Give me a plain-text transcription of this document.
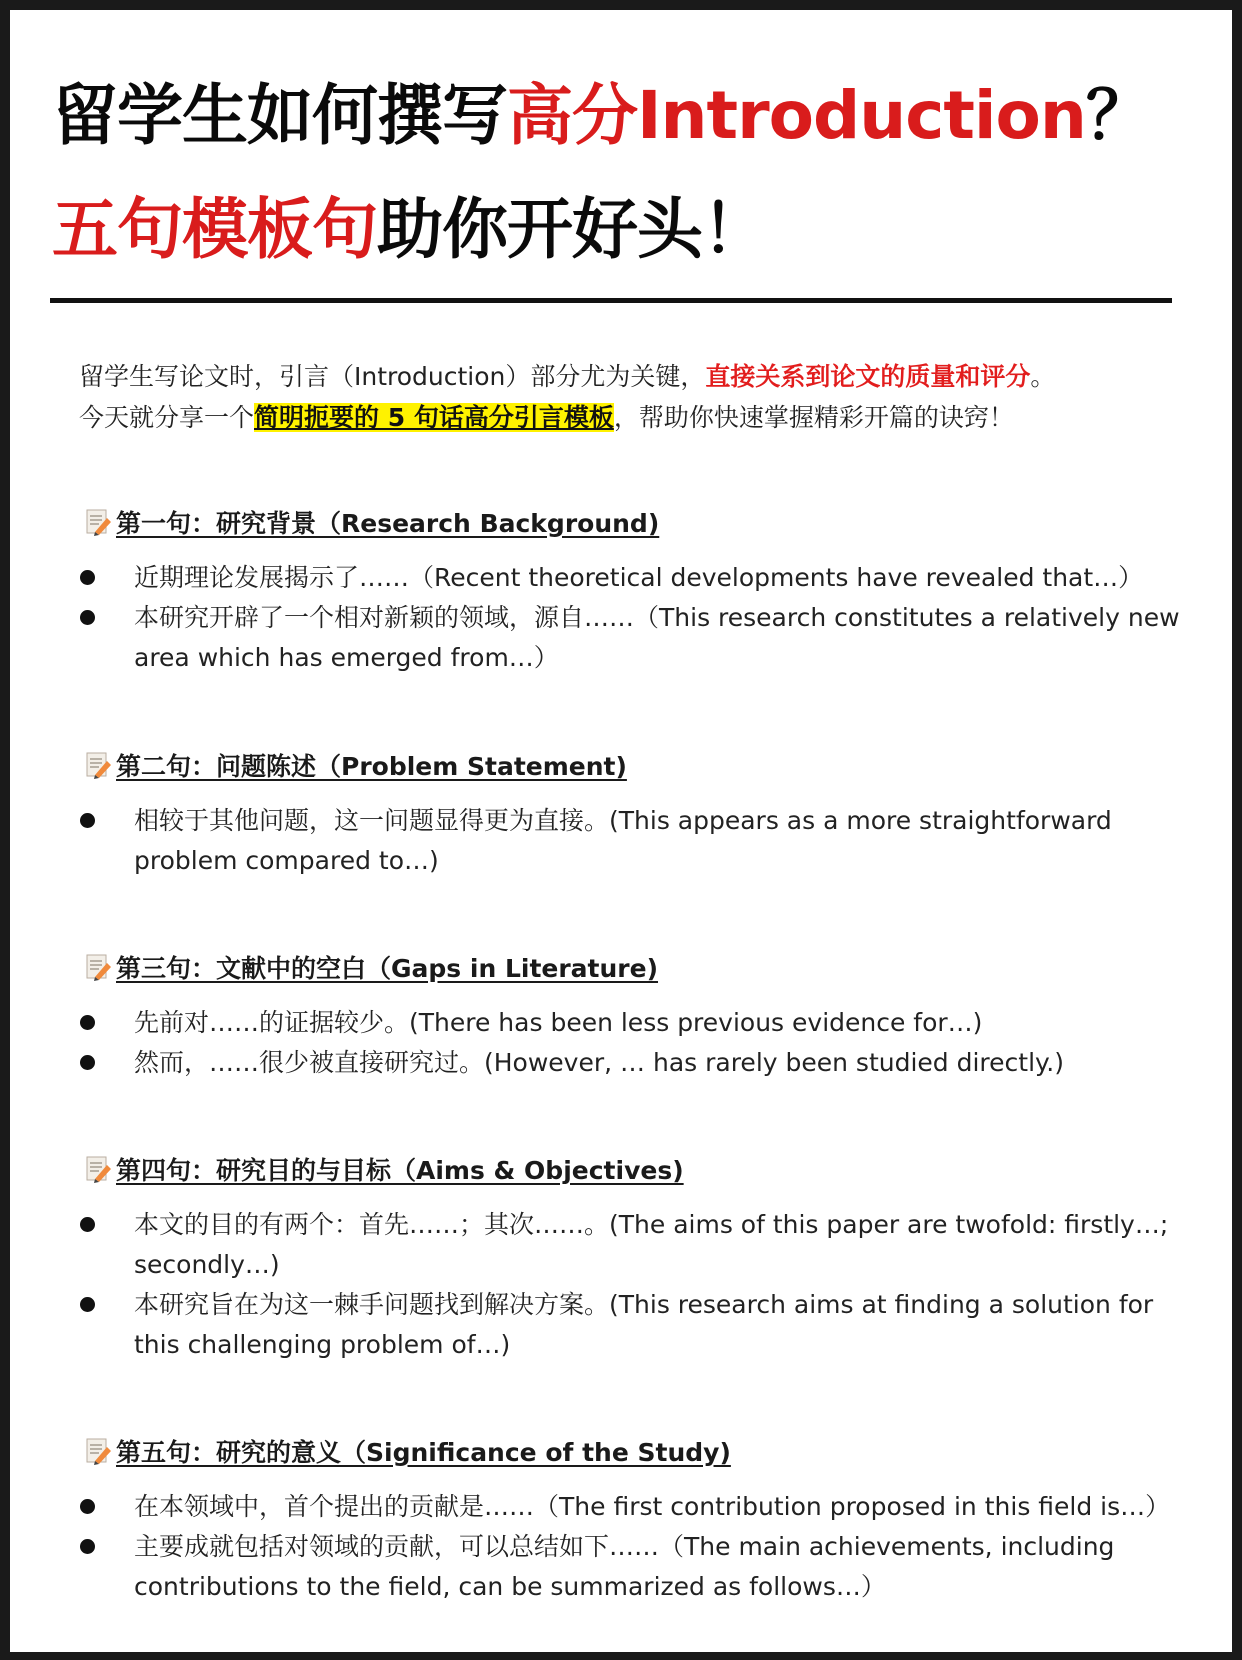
留学生如何撰写高分Introduction？
五句模板句助你开好头！
留学生写论文时，引言（Introduction）部分尤为关键，直接关系到论文的质量和评分。
今天就分享一个简明扼要的 5 句话高分引言模板，帮助你快速掌握精彩开篇的诀窍！
第一句：研究背景（Research Background)
近期理论发展揭示了……（Recent theoretical developments have revealed that…）
本研究开辟了一个相对新颖的领域，源自……（This research constitutes a relatively new area which has emerged from…）
第二句：问题陈述（Problem Statement)
相较于其他问题，这一问题显得更为直接。(This appears as a more straightforward problem compared to…)
第三句：文献中的空白（Gaps in Literature)
先前对……的证据较少。(There has been less previous evidence for…)
然而，……很少被直接研究过。(However, … has rarely been studied directly.)
第四句：研究目的与目标（Aims & Objectives)
本文的目的有两个：首先……；其次……。(The aims of this paper are twofold: firstly…; secondly…)
本研究旨在为这一棘手问题找到解决方案。(This research aims at finding a solution for this challenging problem of…)
第五句：研究的意义（Significance of the Study)
在本领域中，首个提出的贡献是……（The first contribution proposed in this field is…）
主要成就包括对领域的贡献，可以总结如下……（The main achievements, including contributions to the field, can be summarized as follows…）
